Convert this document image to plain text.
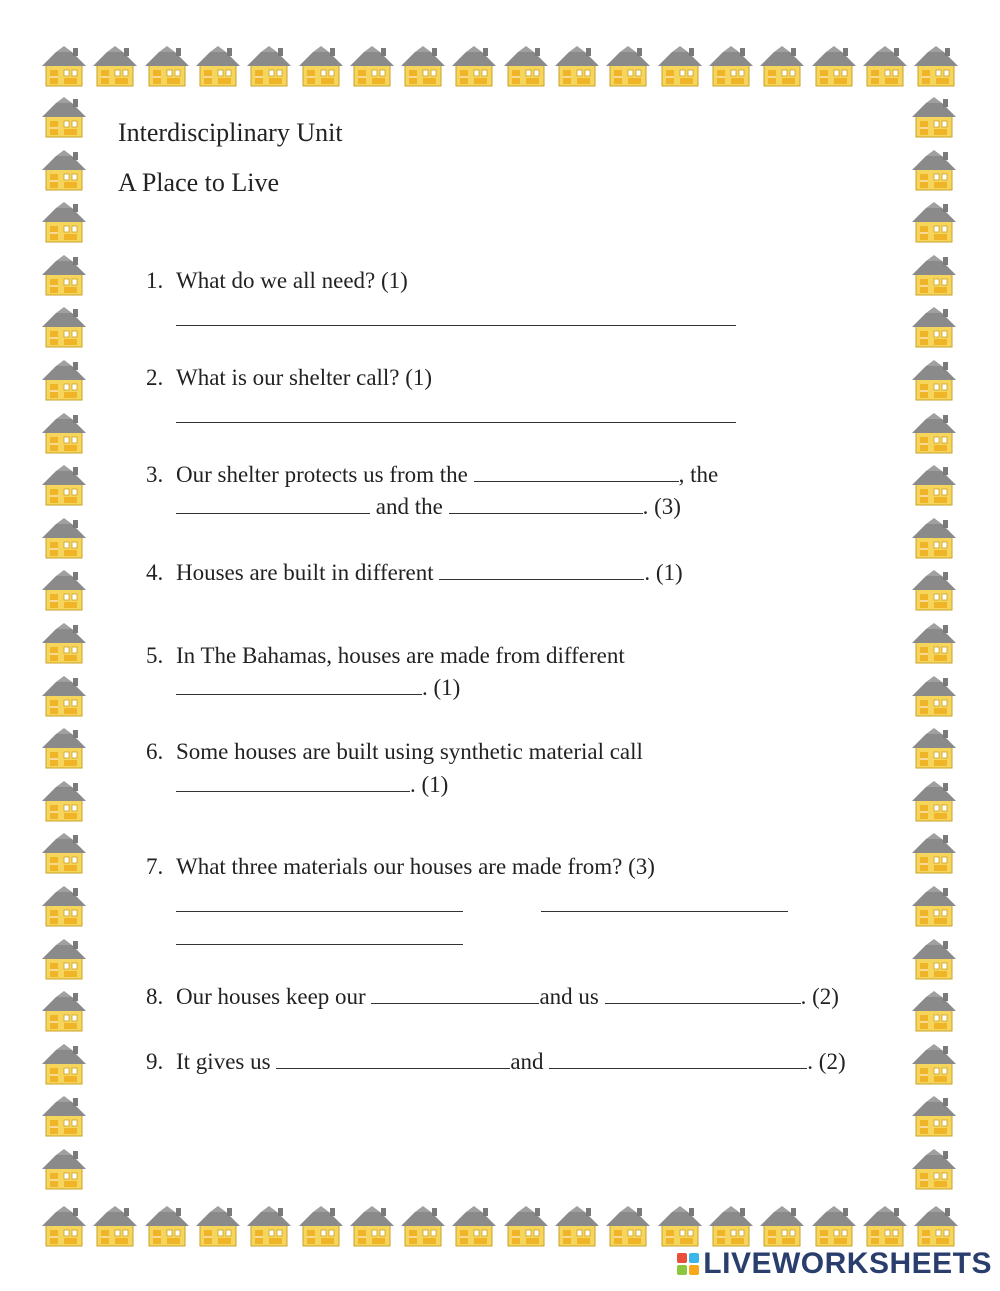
Interdisciplinary Unit
A Place to Live
1. What do we all need? (1)
2. What is our shelter call? (1)
3. Our shelter protects us from the	, the
and the	. (3)
4. Houses are built in different	. (1)
5. In The Bahamas, houses are made from different
. (1)
6. Some houses are built using synthetic material call
. (1)
7. What three materials our houses are made from? (3)
8. Our houses keep our	and us	. (2)
9. It gives us	and	. (2)
LIVEWORKSHEETS
